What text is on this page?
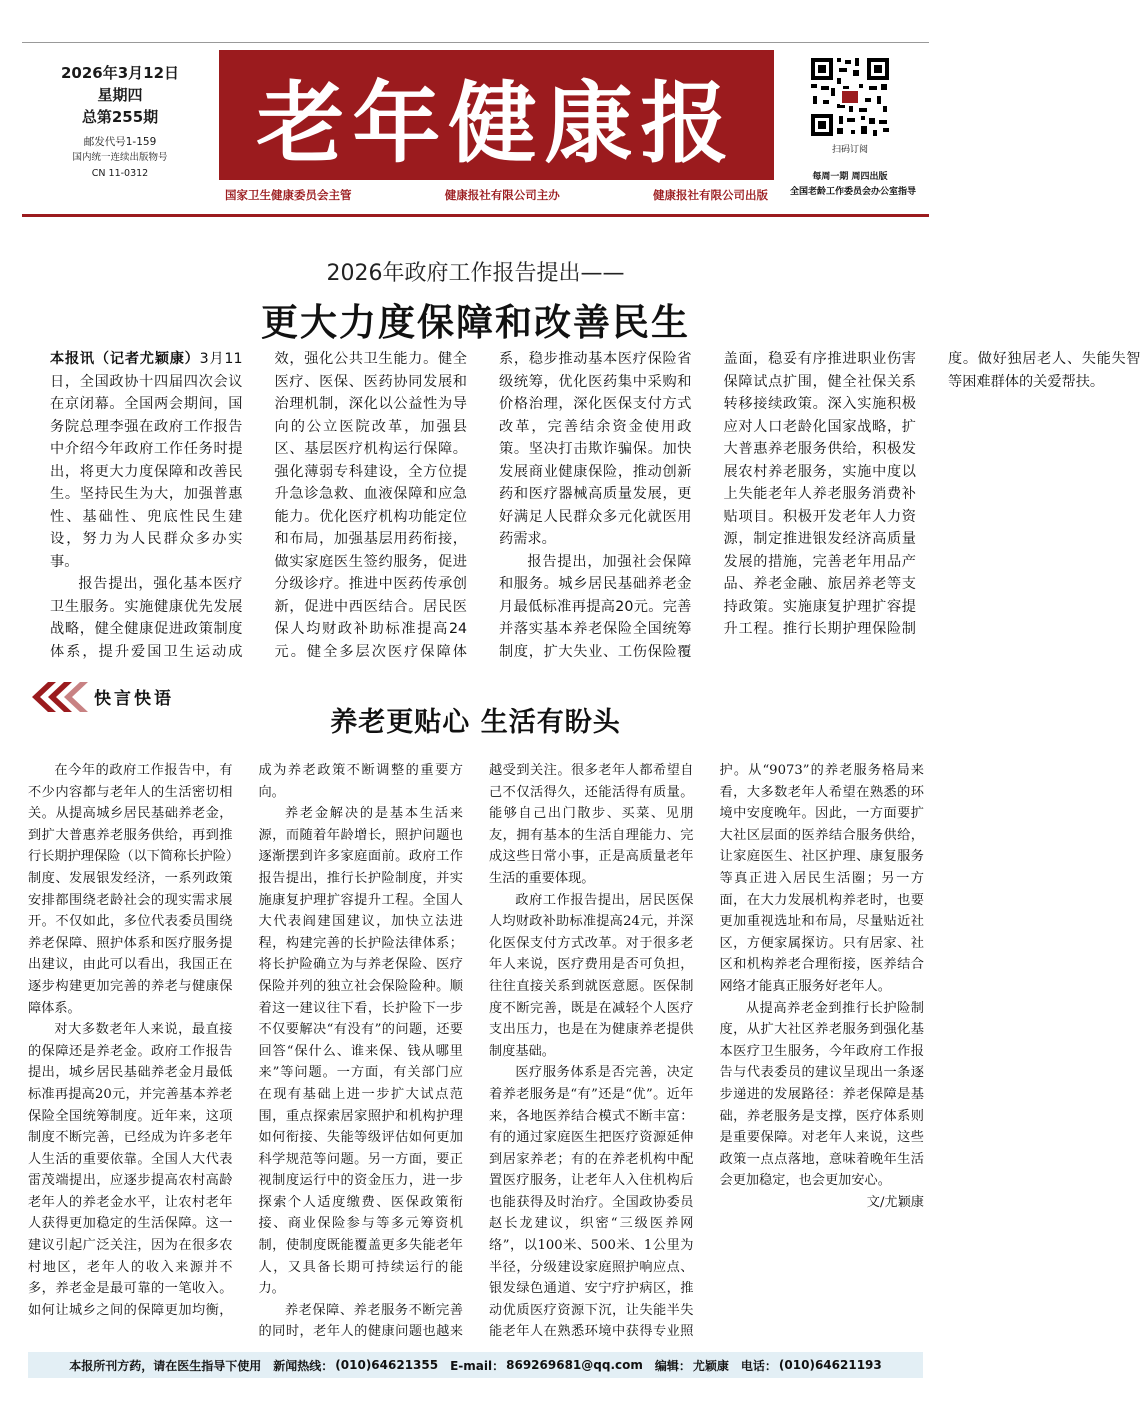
2026年3月12日
星期四
总第255期
邮发代号1-159
国内统一连续出版物号
CN 11-0312	老年健康报
国家卫生健康委员会主管	健康报社有限公司主办	健康报社有限公司出版
扫码订阅
每周一期 周四出版
全国老龄工作委员会办公室指导
2026年政府工作报告提出——
更大力度保障和改善民生

本报讯（记者尤颖康）3月11日，全国政协十四届四次会议在京闭幕。全国两会期间，国务院总理李强在政府工作报告中介绍今年政府工作任务时提出，将更大力度保障和改善民生。坚持民生为大，加强普惠性、基础性、兜底性民生建设，努力为人民群众多办实事。

报告提出，强化基本医疗卫生服务。实施健康优先发展战略，健全健康促进政策制度体系，提升爱国卫生运动成效，强化公共卫生能力。健全医疗、医保、医药协同发展和治理机制，深化以公益性为导向的公立医院改革，加强县区、基层医疗机构运行保障。强化薄弱专科建设，全方位提升急诊急救、血液保障和应急能力。优化医疗机构功能定位和布局，加强基层用药衔接，做实家庭医生签约服务，促进分级诊疗。推进中医药传承创新，促进中西医结合。居民医保人均财政补助标准提高24元。健全多层次医疗保障体系，稳步推动基本医疗保险省级统筹，优化医药集中采购和价格治理，深化医保支付方式改革，完善结余资金使用政策。坚决打击欺诈骗保。加快发展商业健康保险，推动创新药和医疗器械高质量发展，更好满足人民群众多元化就医用药需求。

报告提出，加强社会保障和服务。城乡居民基础养老金月最低标准再提高20元。完善并落实基本养老保险全国统筹制度，扩大失业、工伤保险覆盖面，稳妥有序推进职业伤害保障试点扩围，健全社保关系转移接续政策。深入实施积极应对人口老龄化国家战略，扩大普惠养老服务供给，积极发展农村养老服务，实施中度以上失能老年人养老服务消费补贴项目。积极开发老年人力资源，制定推进银发经济高质量发展的措施，完善老年用品产品、养老金融、旅居养老等支持政策。实施康复护理扩容提升工程。推行长期护理保险制度。做好独居老人、失能失智等困难群体的关爱帮扶。

快言快语
养老更贴心 生活有盼头

在今年的政府工作报告中，有不少内容都与老年人的生活密切相关。从提高城乡居民基础养老金，到扩大普惠养老服务供给，再到推行长期护理保险（以下简称长护险）制度、发展银发经济，一系列政策安排都围绕老龄社会的现实需求展开。不仅如此，多位代表委员围绕养老保障、照护体系和医疗服务提出建议，由此可以看出，我国正在逐步构建更加完善的养老与健康保障体系。

对大多数老年人来说，最直接的保障还是养老金。政府工作报告提出，城乡居民基础养老金月最低标准再提高20元，并完善基本养老保险全国统筹制度。近年来，这项制度不断完善，已经成为许多老年人生活的重要依靠。全国人大代表雷茂端提出，应逐步提高农村高龄老年人的养老金水平，让农村老年人获得更加稳定的生活保障。这一建议引起广泛关注，因为在很多农村地区，老年人的收入来源并不多，养老金是最可靠的一笔收入。如何让城乡之间的保障更加均衡，成为养老政策不断调整的重要方向。

养老金解决的是基本生活来源，而随着年龄增长，照护问题也逐渐摆到许多家庭面前。政府工作报告提出，推行长护险制度，并实施康复护理扩容提升工程。全国人大代表阎建国建议，加快立法进程，构建完善的长护险法律体系；将长护险确立为与养老保险、医疗保险并列的独立社会保险险种。顺着这一建议往下看，长护险下一步不仅要解决“有没有”的问题，还要回答“保什么、谁来保、钱从哪里来”等问题。一方面，有关部门应在现有基础上进一步扩大试点范围，重点探索居家照护和机构护理如何衔接、失能等级评估如何更加科学规范等问题。另一方面，要正视制度运行中的资金压力，进一步探索个人适度缴费、医保政策衔接、商业保险参与等多元筹资机制，使制度既能覆盖更多失能老年人，又具备长期可持续运行的能力。

养老保障、养老服务不断完善的同时，老年人的健康问题也越来越受到关注。很多老年人都希望自己不仅活得久，还能活得有质量。能够自己出门散步、买菜、见朋友，拥有基本的生活自理能力、完成这些日常小事，正是高质量老年生活的重要体现。

政府工作报告提出，居民医保人均财政补助标准提高24元，并深化医保支付方式改革。对于很多老年人来说，医疗费用是否可负担，往往直接关系到就医意愿。医保制度不断完善，既是在减轻个人医疗支出压力，也是在为健康养老提供制度基础。

医疗服务体系是否完善，决定着养老服务是“有”还是“优”。近年来，各地医养结合模式不断丰富：有的通过家庭医生把医疗资源延伸到居家养老；有的在养老机构中配置医疗服务，让老年人入住机构后也能获得及时治疗。全国政协委员赵长龙建议，织密“三级医养网络”，以100米、500米、1公里为半径，分级建设家庭照护响应点、银发绿色通道、安宁疗护病区，推动优质医疗资源下沉，让失能半失能老年人在熟悉环境中获得专业照护。从“9073”的养老服务格局来看，大多数老年人希望在熟悉的环境中安度晚年。因此，一方面要扩大社区层面的医养结合服务供给，让家庭医生、社区护理、康复服务等真正进入居民生活圈；另一方面，在大力发展机构养老时，也要更加重视选址和布局，尽量贴近社区，方便家属探访。只有居家、社区和机构养老合理衔接，医养结合网络才能真正服务好老年人。

从提高养老金到推行长护险制度，从扩大社区养老服务到强化基本医疗卫生服务，今年政府工作报告与代表委员的建议呈现出一条逐步递进的发展路径：养老保障是基础，养老服务是支撑，医疗体系则是重要保障。对老年人来说，这些政策一点点落地，意味着晚年生活会更加稳定，也会更加安心。

文/尤颖康

本报所刊方药，请在医生指导下使用 新闻热线： (010)64621355 E-mail： 869269681@qq.com 编辑： 尤颖康 电话： (010)64621193
